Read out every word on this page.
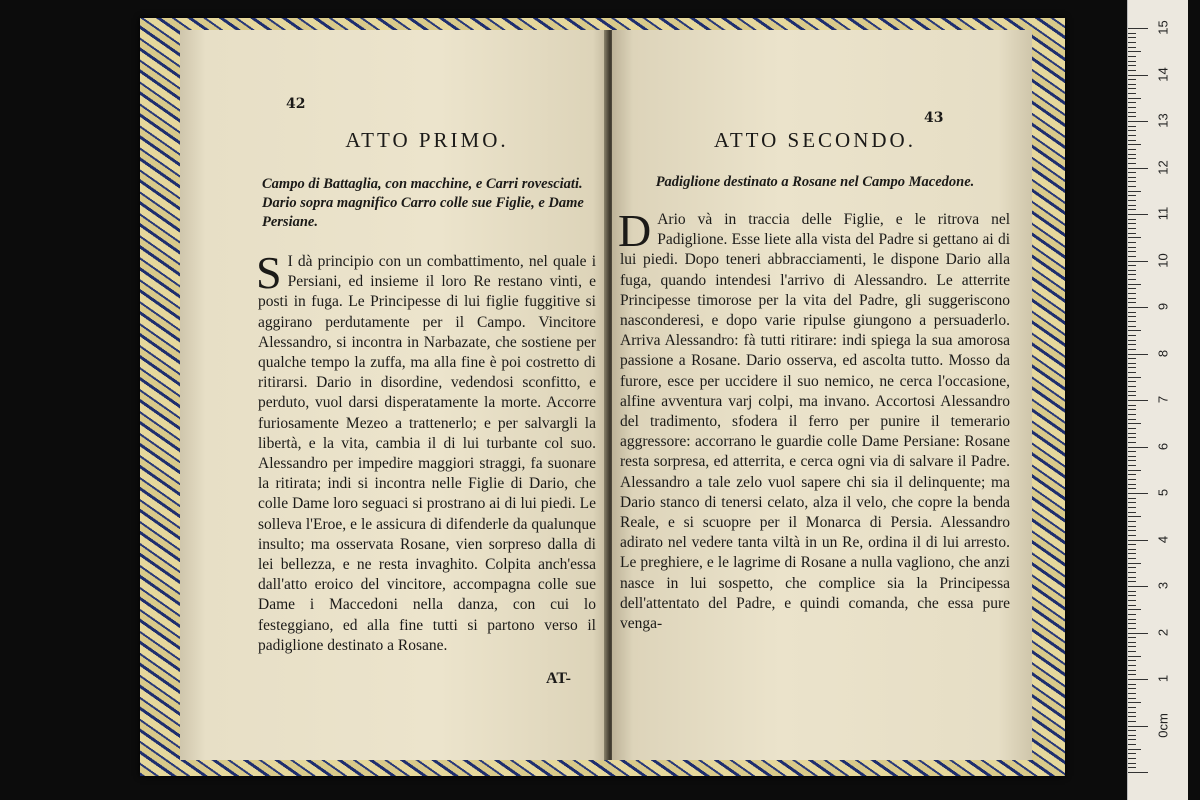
42
ATTO PRIMO.
Campo di Battaglia, con macchine, e Carri rovesciati. Dario sopra magnifico Carro colle sue Figlie, e Dame Persiane.
S I dà principio con un combattimento, nel quale i Persiani, ed insieme il loro Re restano vinti, e posti in fuga. Le Principesse di lui figlie fuggitive si aggirano perdutamente per il Campo. Vincitore Alessandro, si incontra in Narbazate, che sostiene per qualche tempo la zuffa, ma alla fine è poi costretto di ritirarsi. Dario in disordine, vedendosi sconfitto, e perduto, vuol darsi disperatamente la morte. Accorre furiosamente Mezeo a trattenerlo; e per salvargli la libertà, e la vita, cambia il di lui turbante col suo. Alessandro per impedire maggiori straggi, fa suonare la ritirata; indi si incontra nelle Figlie di Dario, che colle Dame loro seguaci si prostrano ai di lui piedi. Le solleva l'Eroe, e le assicura di difenderle da qualunque insulto; ma osservata Rosane, vien sorpreso dalla di lei bellezza, e ne resta invaghito. Colpita anch'essa dall'atto eroico del vincitore, accompagna colle sue Dame i Maccedoni nella danza, con cui lo festeggiano, ed alla fine tutti si partono verso il padiglione destinato a Rosane.
AT-
43
ATTO SECONDO.
Padiglione destinato a Rosane nel Campo Macedone.
D Ario và in traccia delle Figlie, e le ritrova nel Padiglione. Esse liete alla vista del Padre si gettano ai di lui piedi. Dopo teneri abbracciamenti, le dispone Dario alla fuga, quando intendesi l'arrivo di Alessandro. Le atterrite Principesse timorose per la vita del Padre, gli suggeriscono nasconderesi, e dopo varie ripulse giungono a persuaderlo. Arriva Alessandro: fà tutti ritirare: indi spiega la sua amorosa passione a Rosane. Dario osserva, ed ascolta tutto. Mosso da furore, esce per uccidere il suo nemico, ne cerca l'occasione, alfine avventura varj colpi, ma invano. Accortosi Alessandro del tradimento, sfodera il ferro per punire il temerario aggressore: accorrano le guardie colle Dame Persiane: Rosane resta sorpresa, ed atterrita, e cerca ogni via di salvare il Padre. Alessandro a tale zelo vuol sapere chi sia il delinquente; ma Dario stanco di tenersi celato, alza il velo, che copre la benda Reale, e si scuopre per il Monarca di Persia. Alessandro adirato nel vedere tanta viltà in un Re, ordina il di lui arresto. Le preghiere, e le lagrime di Rosane a nulla vagliono, che anzi nasce in lui sospetto, che complice sia la Principessa dell'attentato del Padre, e quindi comanda, che essa pure venga-
15
14
13
12
11
10
9
8
7
6
5
4
3
2
1
0cm
